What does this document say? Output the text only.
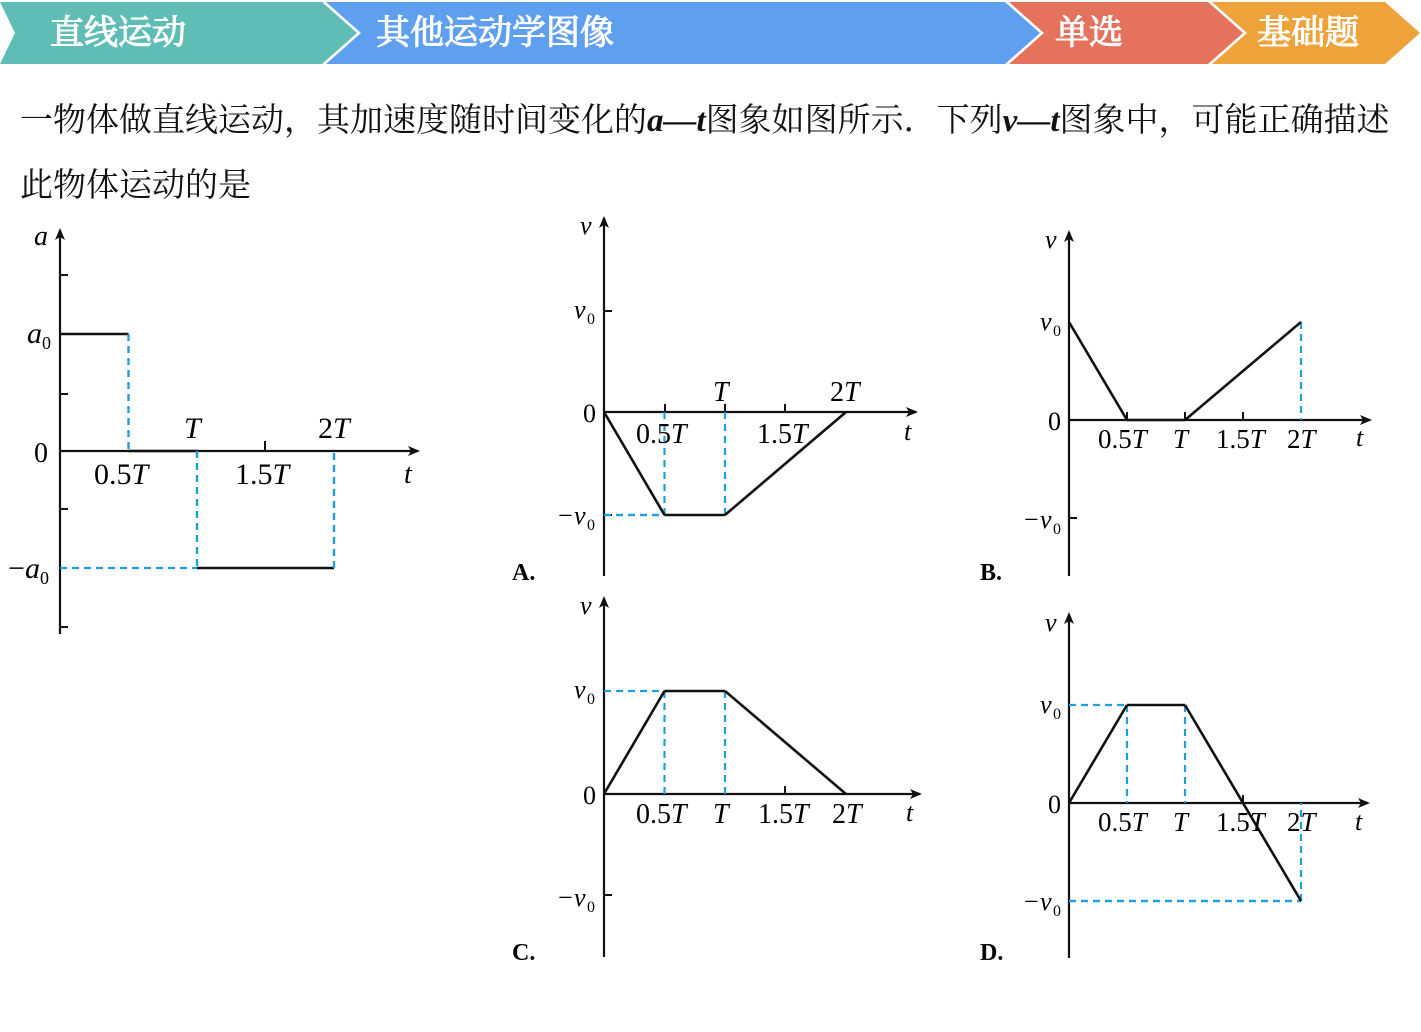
直线运动	其他运动学图像	单选	基础题
一物体做直线运动，其加速度随时间变化的a—t图象如图所示．下列v—t图象中，可能正确描述此物体运动的是
a
t
a 0
0
− a 0
0.5T	1.5T
T	2T
v
t
v 0
0
− v 0
0.5T	1.5T
T	2T
A.
v
t
v 0
0
− v 0
0.5T T 1.5T 2T
B.
v
t
v 0
0
− v 0
0.5T T 1.5T 2T
C.
v
t
v 0
0
− v 0
0.5T T 1.5T 2T
D.
